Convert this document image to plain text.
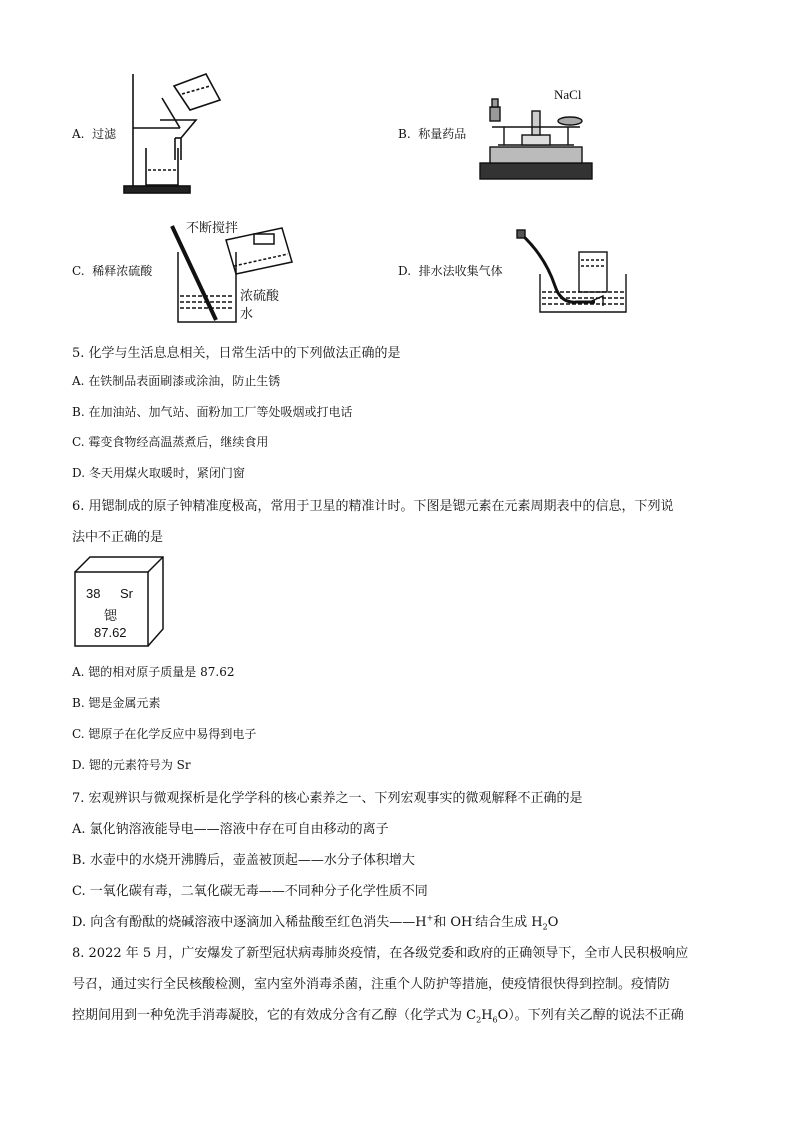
A. 过滤	B. 称量药品
NaCl
C. 稀释浓硫酸
不断搅拌
浓硫酸
水
D. 排水法收集气体
5. 化学与生活息息相关，日常生活中的下列做法正确的是
A. 在铁制品表面刷漆或涂油，防止生锈
B. 在加油站、加气站、面粉加工厂等处吸烟或打电话
C. 霉变食物经高温蒸煮后，继续食用
D. 冬天用煤火取暖时，紧闭门窗
6. 用锶制成的原子钟精准度极高，常用于卫星的精准计时。下图是锶元素在元素周期表中的信息，下列说
法中不正确的是
38 Sr
锶
87.62
A. 锶的相对原子质量是 87.62
B. 锶是金属元素
C. 锶原子在化学反应中易得到电子
D. 锶的元素符号为 Sr
7. 宏观辨识与微观探析是化学学科的核心素养之一、下列宏观事实的微观解释不正确的是
A. 氯化钠溶液能导电——溶液中存在可自由移动的离子
B. 水壶中的水烧开沸腾后，壶盖被顶起——水分子体积增大
C. 一氧化碳有毒，二氧化碳无毒——不同种分子化学性质不同
D. 向含有酚酞的烧碱溶液中逐滴加入稀盐酸至红色消失——H+和 OH-结合生成 $H_2O$
8. 2022 年 5 月，广安爆发了新型冠状病毒肺炎疫情，在各级党委和政府的正确领导下，全市人民积极响应
号召，通过实行全民核酸检测，室内室外消毒杀菌，注重个人防护等措施，使疫情很快得到控制。疫情防
控期间用到一种免洗手消毒凝胶，它的有效成分含有乙醇（化学式为 $C_2H_6O$）。下列有关乙醇的说法不正确
